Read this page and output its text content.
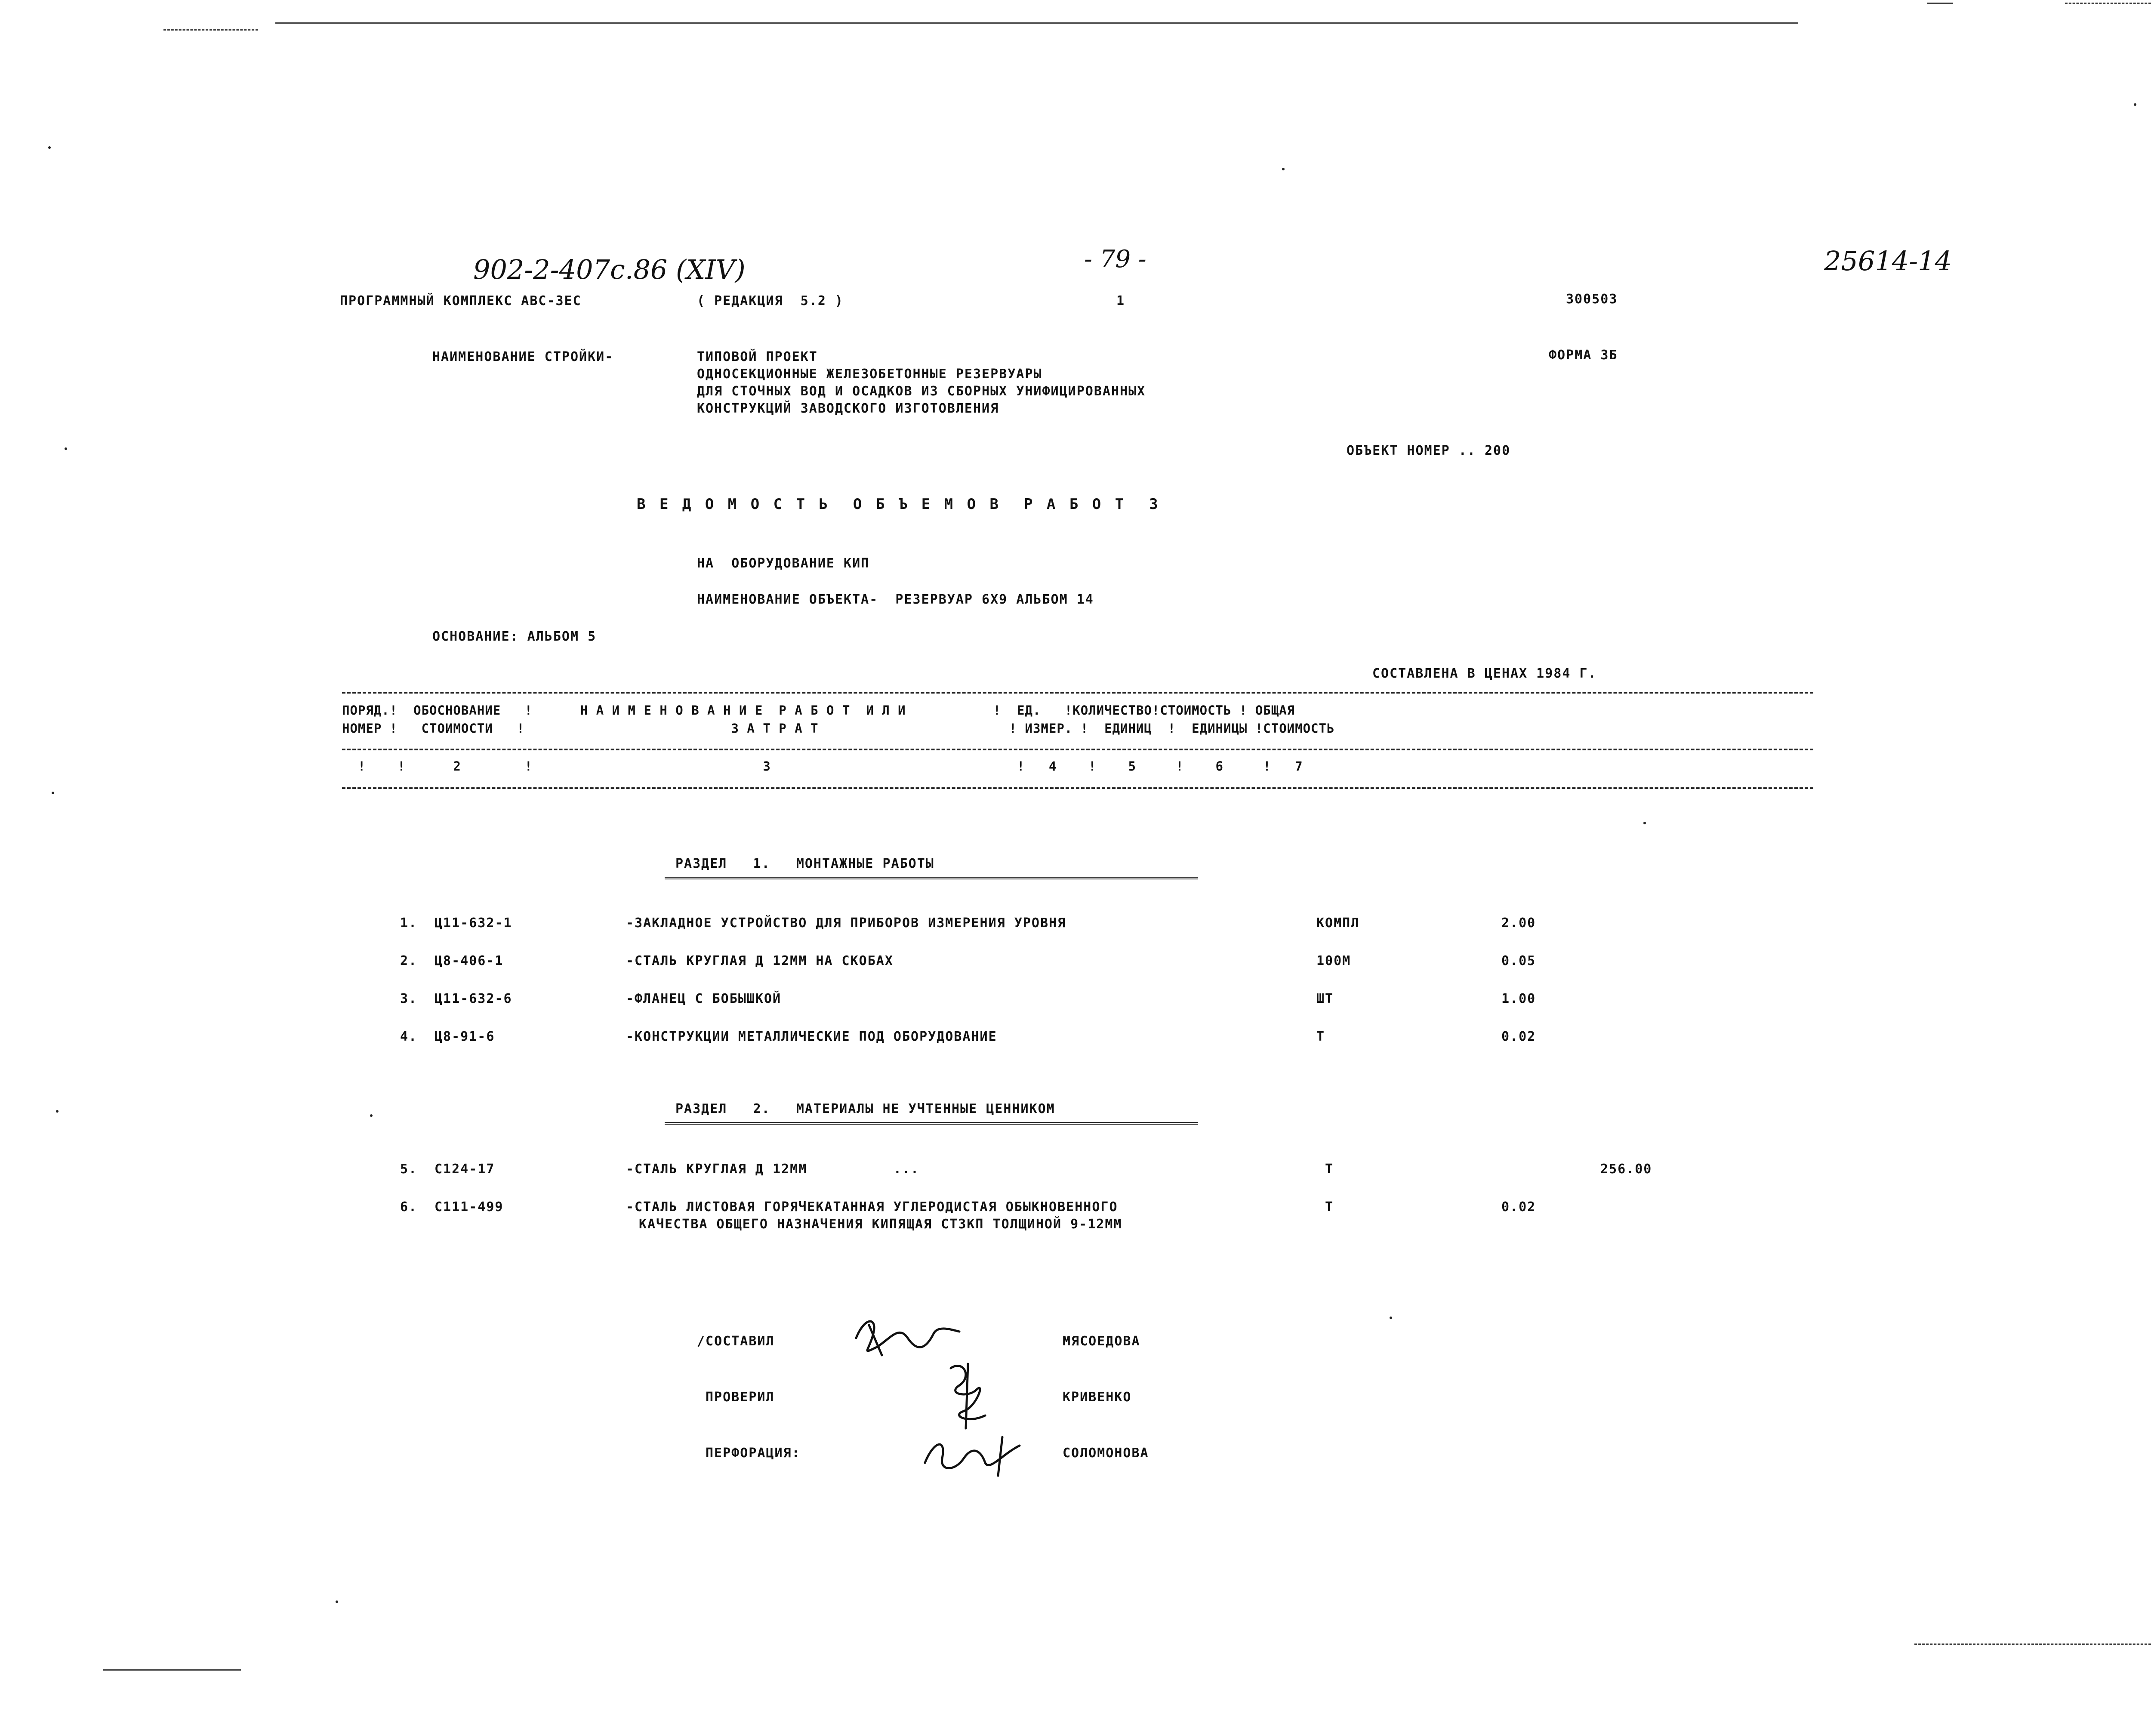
902-2-407c.86 (XIV)	- 79 -	25614-14
ПРОГРАММНЫЙ КОМПЛЕКС АВС-3ЕС	( РЕДАКЦИЯ  5.2 )	1	300503
НАИМЕНОВАНИЕ СТРОЙКИ-	ТИПОВОЙ ПРОЕКТ
ОДНОСЕКЦИОННЫЕ ЖЕЛЕЗОБЕТОННЫЕ РЕЗЕРВУАРЫ
ДЛЯ СТОЧНЫХ ВОД И ОСАДКОВ ИЗ СБОРНЫХ УНИФИЦИРОВАННЫХ
КОНСТРУКЦИЙ ЗАВОДСКОГО ИЗГОТОВЛЕНИЯ
ФОРМА 3Б
ОБЪЕКТ НОМЕР .. 200
В Е Д О М О С Т Ь  О Б Ъ Е М О В  Р А Б О Т  3
НА  ОБОРУДОВАНИЕ КИП
НАИМЕНОВАНИЕ ОБЪЕКТА-  РЕЗЕРВУАР 6Х9 АЛЬБОМ 14
ОСНОВАНИЕ: АЛЬБОМ 5
СОСТАВЛЕНА В ЦЕНАХ 1984 Г.
ПОРЯД.!  ОБОСНОВАНИЕ   !      Н А И М Е Н О В А Н И Е  Р А Б О Т  И Л И           !  ЕД.   !КОЛИЧЕСТВО!СТОИМОСТЬ ! ОБЩАЯ
НОМЕР !   СТОИМОСТИ   !                          З А Т Р А Т                        ! ИЗМЕР. !  ЕДИНИЦ  !  ЕДИНИЦЫ !СТОИМОСТЬ
!    !      2        !                             3                               !   4    !    5     !    6     !   7
РАЗДЕЛ   1.   МОНТАЖНЫЕ РАБОТЫ
1. Ц11-632-1	-ЗАКЛАДНОЕ УСТРОЙСТВО ДЛЯ ПРИБОРОВ ИЗМЕРЕНИЯ УРОВНЯ	КОМПЛ	2.00
2. Ц8-406-1	-СТАЛЬ КРУГЛАЯ Д 12ММ НА СКОБАХ	100М	0.05
3. Ц11-632-6	-ФЛАНЕЦ С БОБЫШКОЙ	ШТ	1.00
4. Ц8-91-6	-КОНСТРУКЦИИ МЕТАЛЛИЧЕСКИЕ ПОД ОБОРУДОВАНИЕ	Т	0.02
РАЗДЕЛ   2.   МАТЕРИАЛЫ НЕ УЧТЕННЫЕ ЦЕННИКОМ
5. С124-17	-СТАЛЬ КРУГЛАЯ Д 12ММ          ...	Т	256.00
6. С111-499	-СТАЛЬ ЛИСТОВАЯ ГОРЯЧЕКАТАННАЯ УГЛЕРОДИСТАЯ ОБЫКНОВЕННОГО
КАЧЕСТВА ОБЩЕГО НАЗНАЧЕНИЯ КИПЯЩАЯ СТ3КП ТОЛЩИНОЙ 9-12ММ
Т	0.02
/СОСТАВИЛ	МЯСОЕДОВА
ПРОВЕРИЛ	КРИВЕНКО
ПЕРФОРАЦИЯ:	СОЛОМОНОВА
